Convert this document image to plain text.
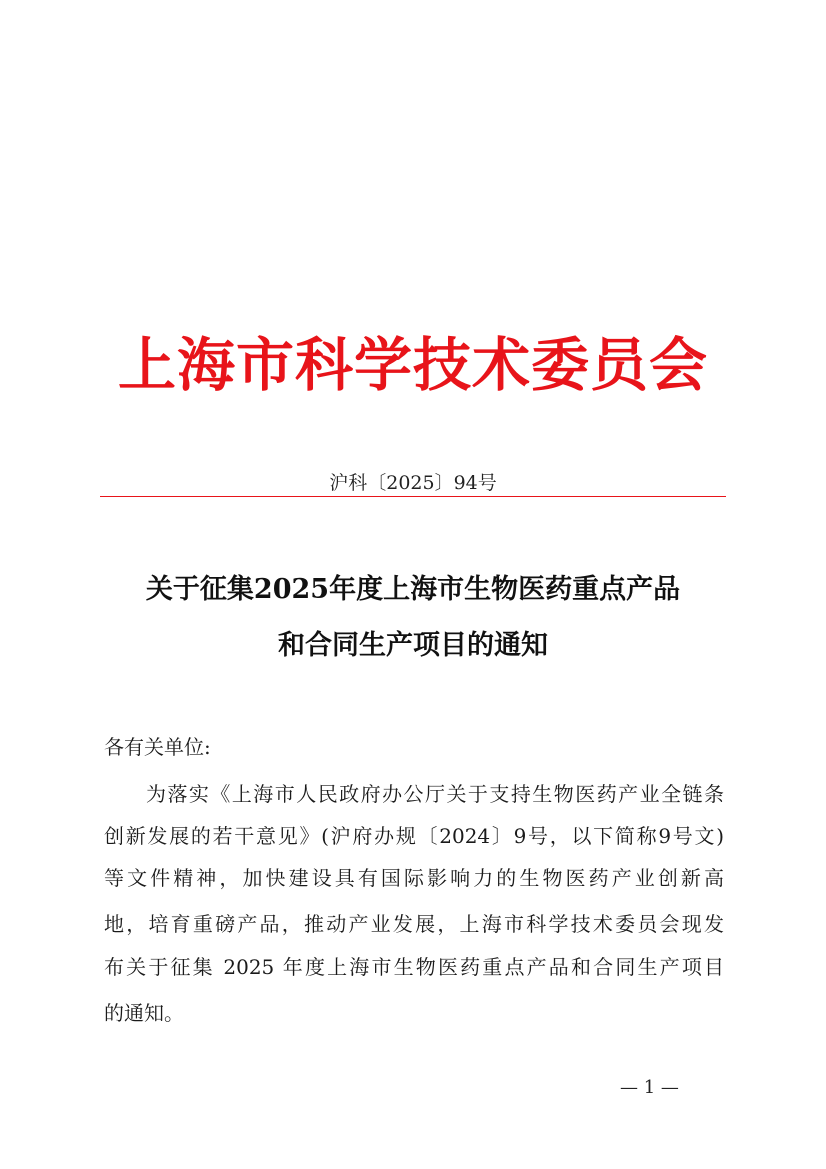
上海市科学技术委员会
沪科〔2025〕94号
关于征集2025年度上海市生物医药重点产品
和合同生产项目的通知
各有关单位:
为落实《上海市人民政府办公厅关于支持生物医药产业全链条
创新发展的若干意见》(沪府办规〔2024〕9号，以下简称9号文)
等文件精神，加快建设具有国际影响力的生物医药产业创新高
地，培育重磅产品，推动产业发展，上海市科学技术委员会现发
布关于征集 2025 年度上海市生物医药重点产品和合同生产项目
的通知。
— 1 —
